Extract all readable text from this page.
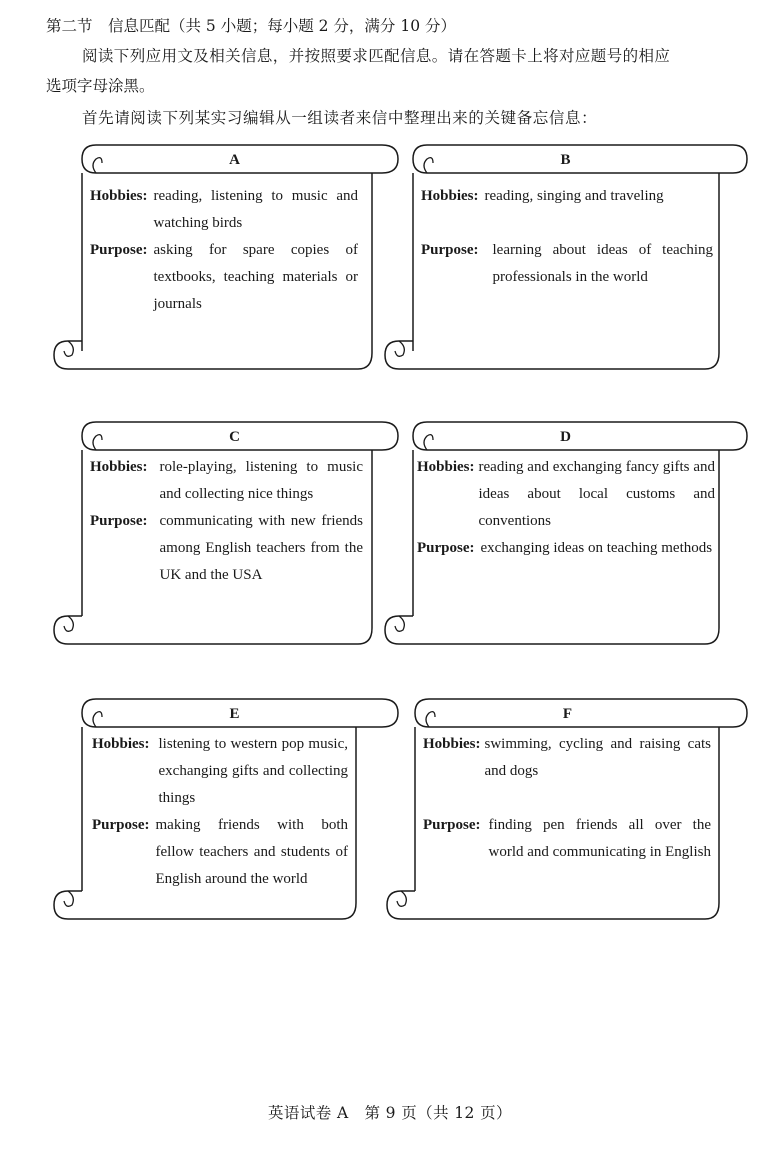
第二节　信息匹配（共 5 小题；每小题 2 分，满分 10 分）
阅读下列应用文及相关信息，并按照要求匹配信息。请在答题卡上将对应题号的相应
选项字母涂黑。
首先请阅读下列某实习编辑从一组读者来信中整理出来的关键备忘信息：
A
Hobbies: reading, listening to music and watching birds
Purpose: asking for spare copies of textbooks, teaching materials or journals
B
Hobbies: reading, singing and traveling
Purpose: learning about ideas of teaching professionals in the world
C
Hobbies: role-playing, listening to music and collecting nice things
Purpose: communicating with new friends among English teachers from the UK and the USA
D
Hobbies: reading and exchanging fancy gifts and ideas about local customs and conventions
Purpose: exchanging ideas on teaching methods
E
Hobbies: listening to western pop music, exchanging gifts and collecting things
Purpose: making friends with both fellow teachers and students of English around the world
F
Hobbies: swimming, cycling and raising cats and dogs
Purpose: finding pen friends all over the world and communicating in English
英语试卷 A　第 9 页（共 12 页）
